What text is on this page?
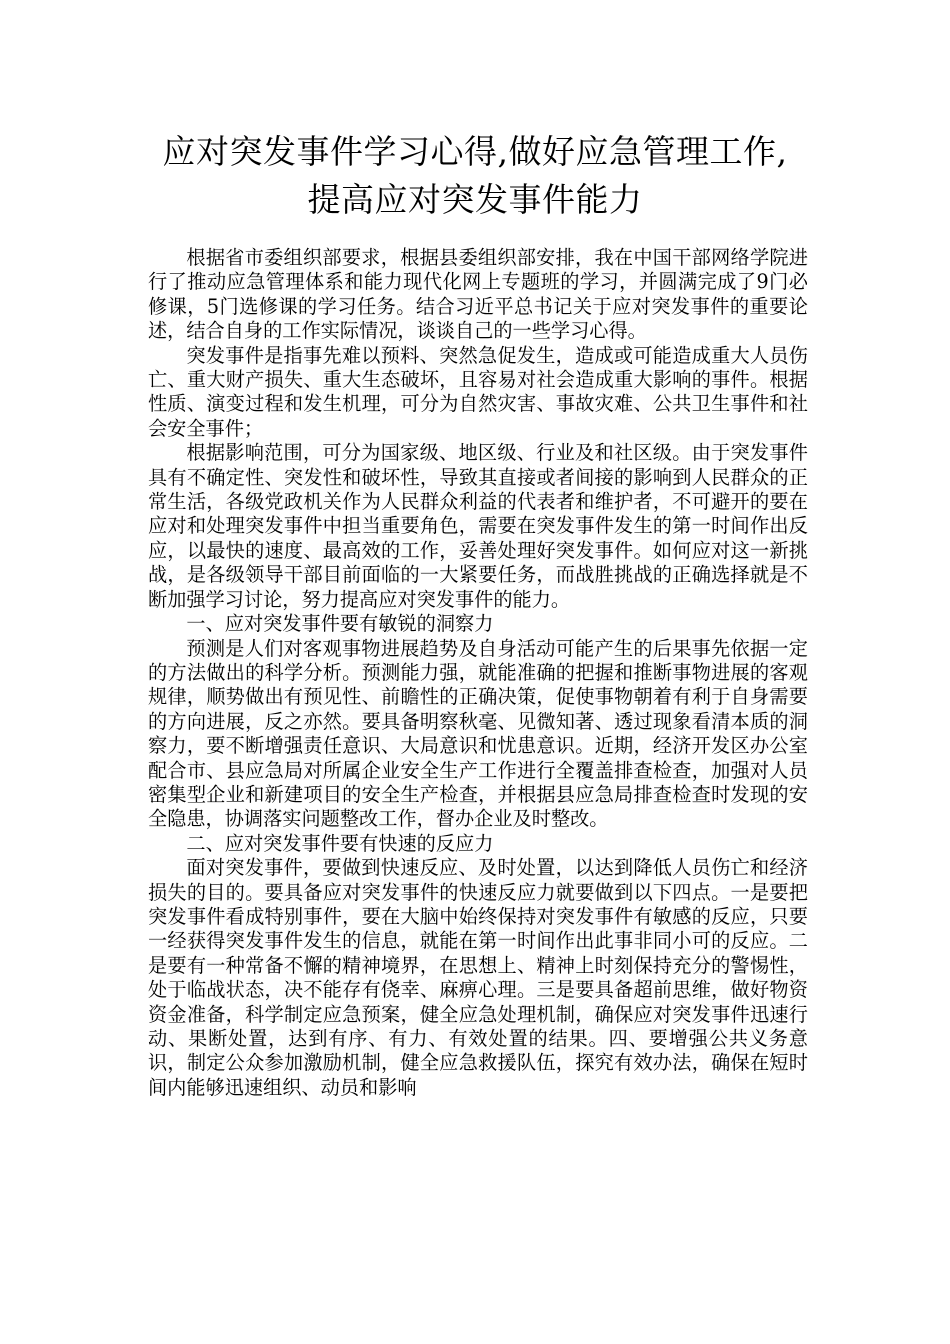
应对突发事件学习心得,做好应急管理工作,
提高应对突发事件能力

根据省市委组织部要求，根据县委组织部安排，我在中国干部网络学院进行了推动应急管理体系和能力现代化网上专题班的学习，并圆满完成了9门必修课，5门选修课的学习任务。结合习近平总书记关于应对突发事件的重要论述，结合自身的工作实际情况，谈谈自己的一些学习心得。

突发事件是指事先难以预料、突然急促发生，造成或可能造成重大人员伤亡、重大财产损失、重大生态破坏，且容易对社会造成重大影响的事件。根据性质、演变过程和发生机理，可分为自然灾害、事故灾难、公共卫生事件和社会安全事件；

根据影响范围，可分为国家级、地区级、行业及和社区级。由于突发事件具有不确定性、突发性和破坏性，导致其直接或者间接的影响到人民群众的正常生活，各级党政机关作为人民群众利益的代表者和维护者，不可避开的要在应对和处理突发事件中担当重要角色，需要在突发事件发生的第一时间作出反应，以最快的速度、最高效的工作，妥善处理好突发事件。如何应对这一新挑战，是各级领导干部目前面临的一大紧要任务，而战胜挑战的正确选择就是不断加强学习讨论，努力提高应对突发事件的能力。

一、应对突发事件要有敏锐的洞察力

预测是人们对客观事物进展趋势及自身活动可能产生的后果事先依据一定的方法做出的科学分析。预测能力强，就能准确的把握和推断事物进展的客观规律，顺势做出有预见性、前瞻性的正确决策，促使事物朝着有利于自身需要的方向进展，反之亦然。要具备明察秋毫、见微知著、透过现象看清本质的洞察力，要不断增强责任意识、大局意识和忧患意识。近期，经济开发区办公室配合市、县应急局对所属企业安全生产工作进行全覆盖排查检查，加强对人员密集型企业和新建项目的安全生产检查，并根据县应急局排查检查时发现的安全隐患，协调落实问题整改工作，督办企业及时整改。

二、应对突发事件要有快速的反应力

面对突发事件，要做到快速反应、及时处置，以达到降低人员伤亡和经济损失的目的。要具备应对突发事件的快速反应力就要做到以下四点。一是要把突发事件看成特别事件，要在大脑中始终保持对突发事件有敏感的反应，只要一经获得突发事件发生的信息，就能在第一时间作出此事非同小可的反应。二是要有一种常备不懈的精神境界，在思想上、精神上时刻保持充分的警惕性，处于临战状态，决不能存有侥幸、麻痹心理。三是要具备超前思维，做好物资资金准备，科学制定应急预案，健全应急处理机制，确保应对突发事件迅速行动、果断处置，达到有序、有力、有效处置的结果。四、要增强公共义务意识，制定公众参加激励机制，健全应急救援队伍，探究有效办法，确保在短时间内能够迅速组织、动员和影响
